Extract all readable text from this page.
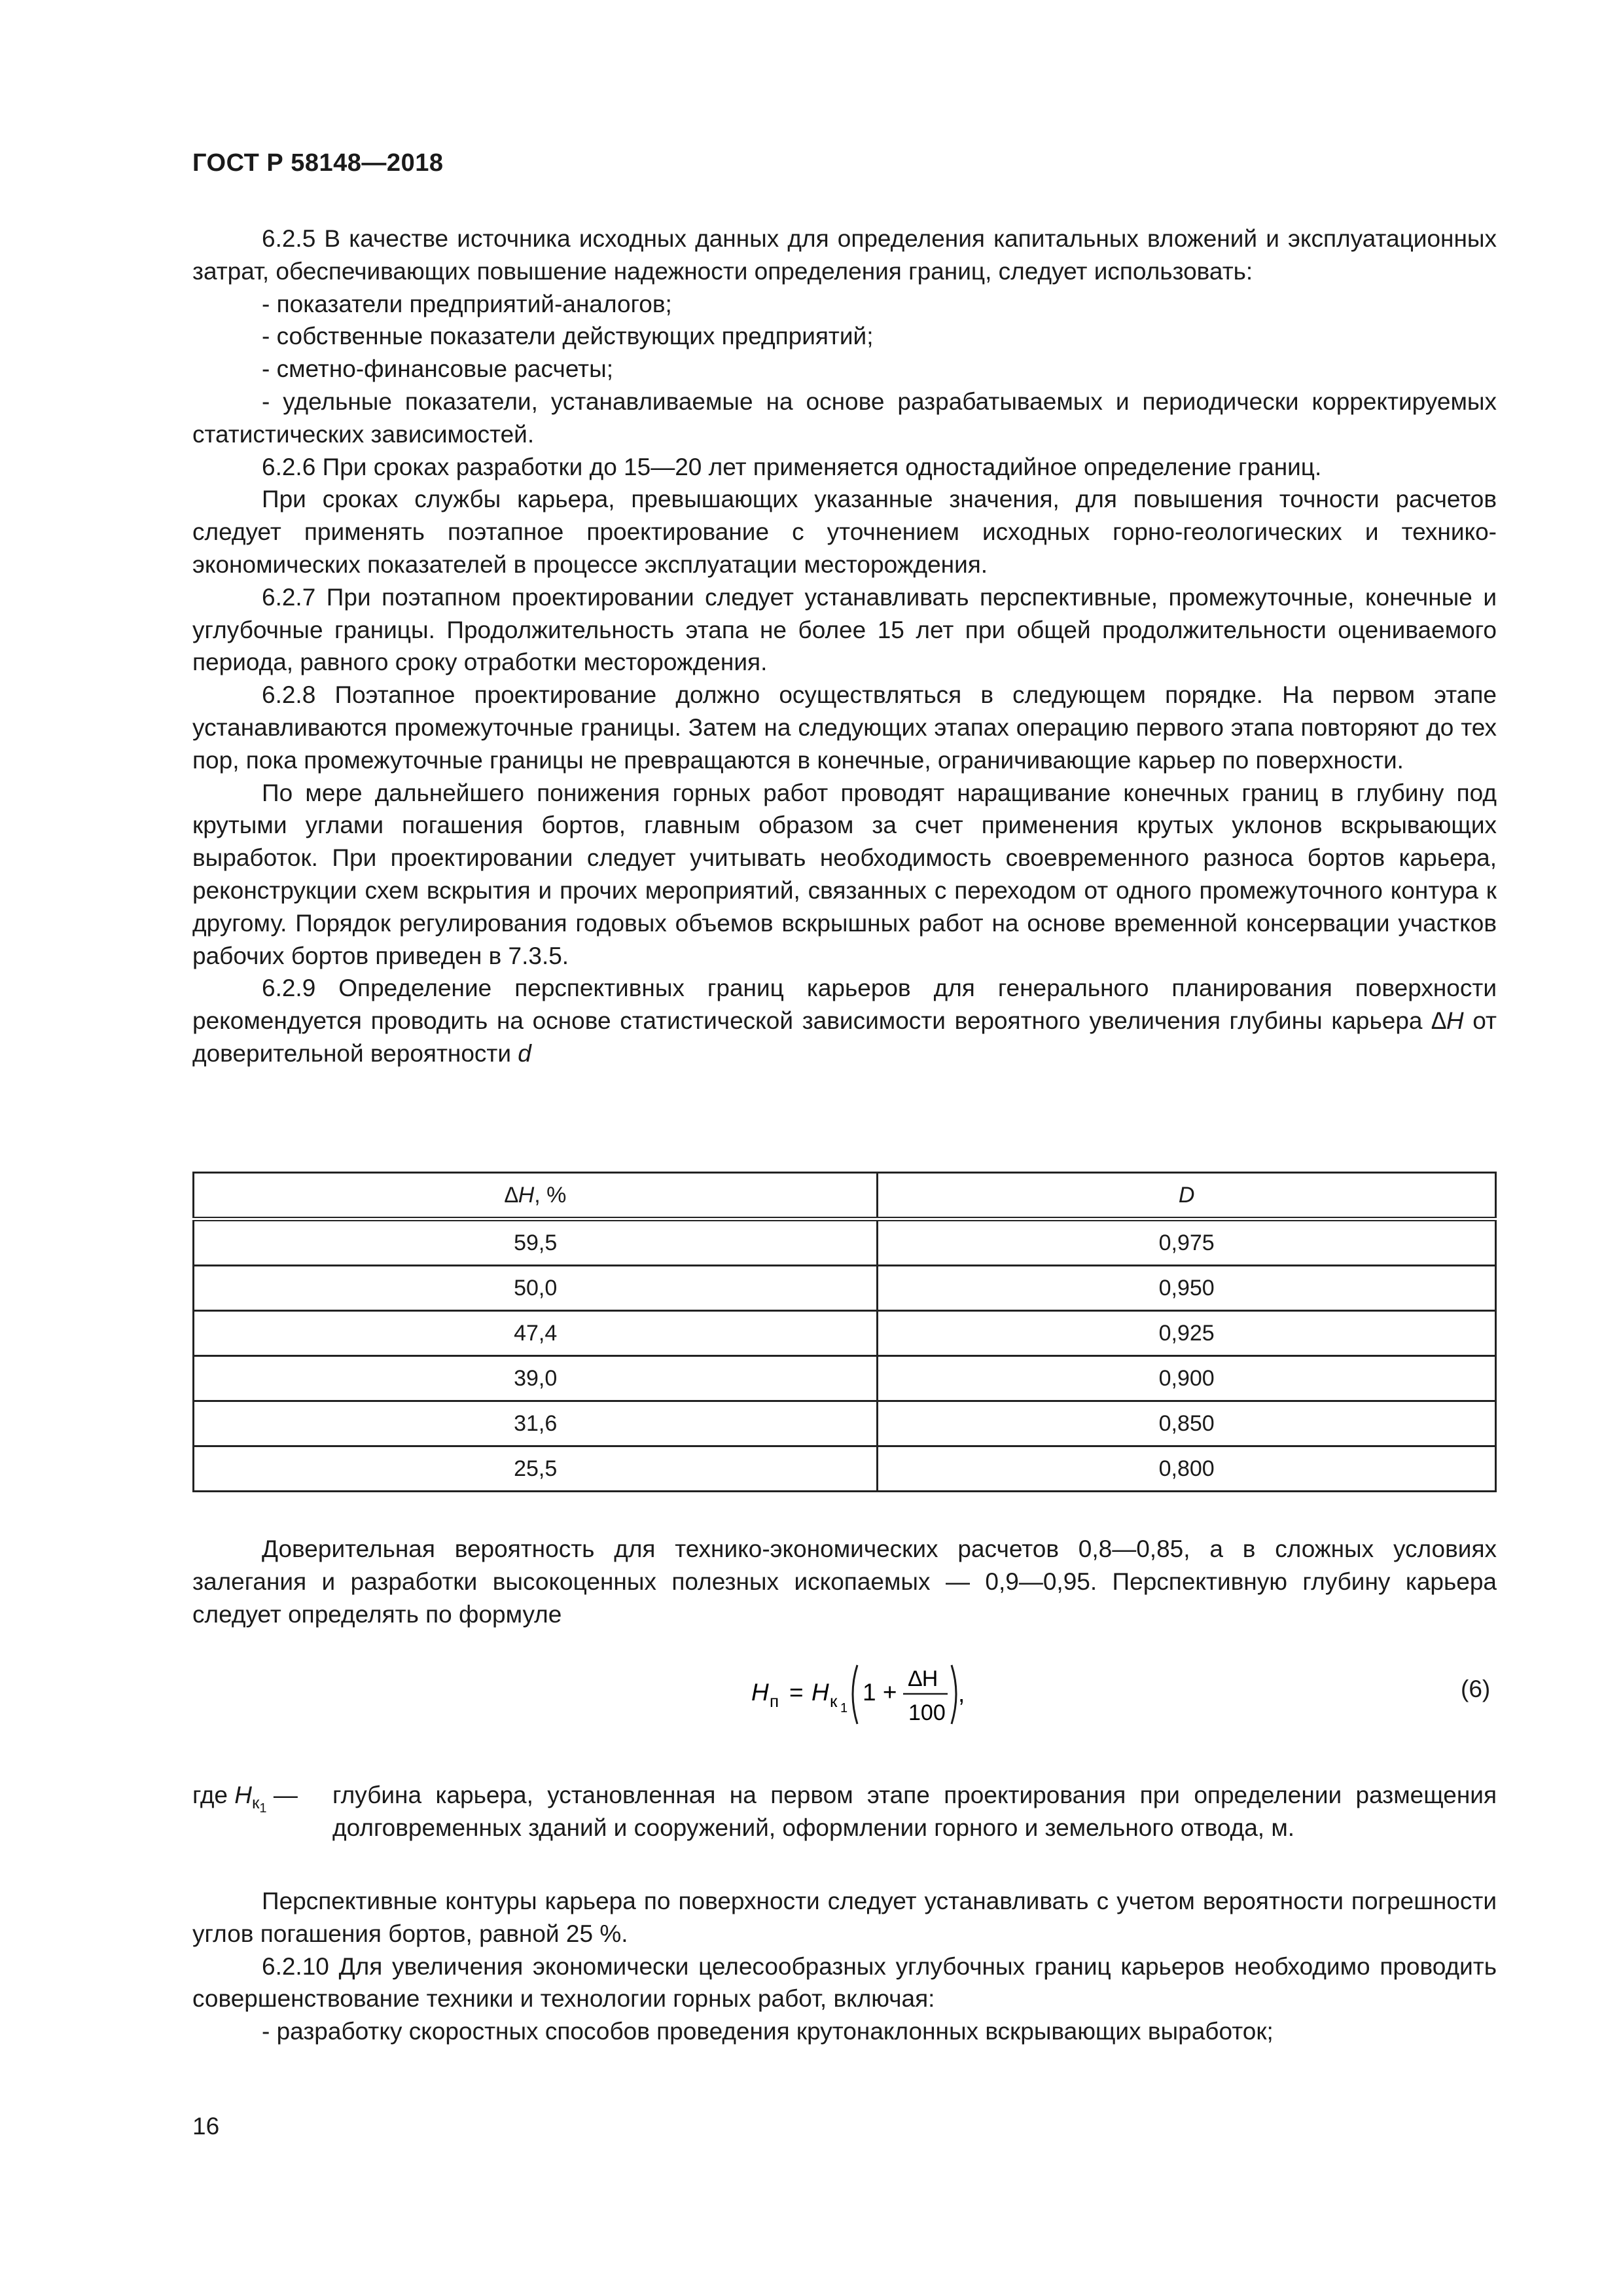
ГОСТ Р 58148—2018

6.2.5 В качестве источника исходных данных для определения капитальных вложений и эксплуатационных затрат, обеспечивающих повышение надежности определения границ, следует использовать:

- показатели предприятий-аналогов;

- собственные показатели действующих предприятий;

- сметно-финансовые расчеты;

- удельные показатели, устанавливаемые на основе разрабатываемых и периодически корректируемых статистических зависимостей.

6.2.6 При сроках разработки до 15—20 лет применяется одностадийное определение границ.

При сроках службы карьера, превышающих указанные значения, для повышения точности расчетов следует применять поэтапное проектирование с уточнением исходных горно-геологических и технико-экономических показателей в процессе эксплуатации месторождения.

6.2.7 При поэтапном проектировании следует устанавливать перспективные, промежуточные, конечные и углубочные границы. Продолжительность этапа не более 15 лет при общей продолжительности оцениваемого периода, равного сроку отработки месторождения.

6.2.8 Поэтапное проектирование должно осуществляться в следующем порядке. На первом этапе устанавливаются промежуточные границы. Затем на следующих этапах операцию первого этапа повторяют до тех пор, пока промежуточные границы не превращаются в конечные, ограничивающие карьер по поверхности.

По мере дальнейшего понижения горных работ проводят наращивание конечных границ в глубину под крутыми углами погашения бортов, главным образом за счет применения крутых уклонов вскрывающих выработок. При проектировании следует учитывать необходимость своевременного разноса бортов карьера, реконструкции схем вскрытия и прочих мероприятий, связанных с переходом от одного промежуточного контура к другому. Порядок регулирования годовых объемов вскрышных работ на основе временной консервации участков рабочих бортов приведен в 7.3.5.

6.2.9 Определение перспективных границ карьеров для генерального планирования поверхности рекомендуется проводить на основе статистической зависимости вероятного увеличения глубины карьера ∆H от доверительной вероятности d

∆H, %	D
59,5	0,975
50,0	0,950
47,4	0,925
39,0	0,900
31,6	0,850
25,5	0,800

Доверительная вероятность для технико-экономических расчетов 0,8—0,85, а в сложных условиях залегания и разработки высокоценных полезных ископаемых — 0,9—0,95. Перспективную глубину карьера следует определять по формуле

H п = H к 1
1 + ∆H
100
,	(6)
где $H_{к_1}$ — глубина карьера, установленная на первом этапе проектирования при определении размещения долговременных зданий и сооружений, оформлении горного и земельного отвода, м.

Перспективные контуры карьера по поверхности следует устанавливать с учетом вероятности погрешности углов погашения бортов, равной 25 %.

6.2.10 Для увеличения экономически целесообразных углубочных границ карьеров необходимо проводить совершенствование техники и технологии горных работ, включая:

- разработку скоростных способов проведения крутонаклонных вскрывающих выработок;

16
